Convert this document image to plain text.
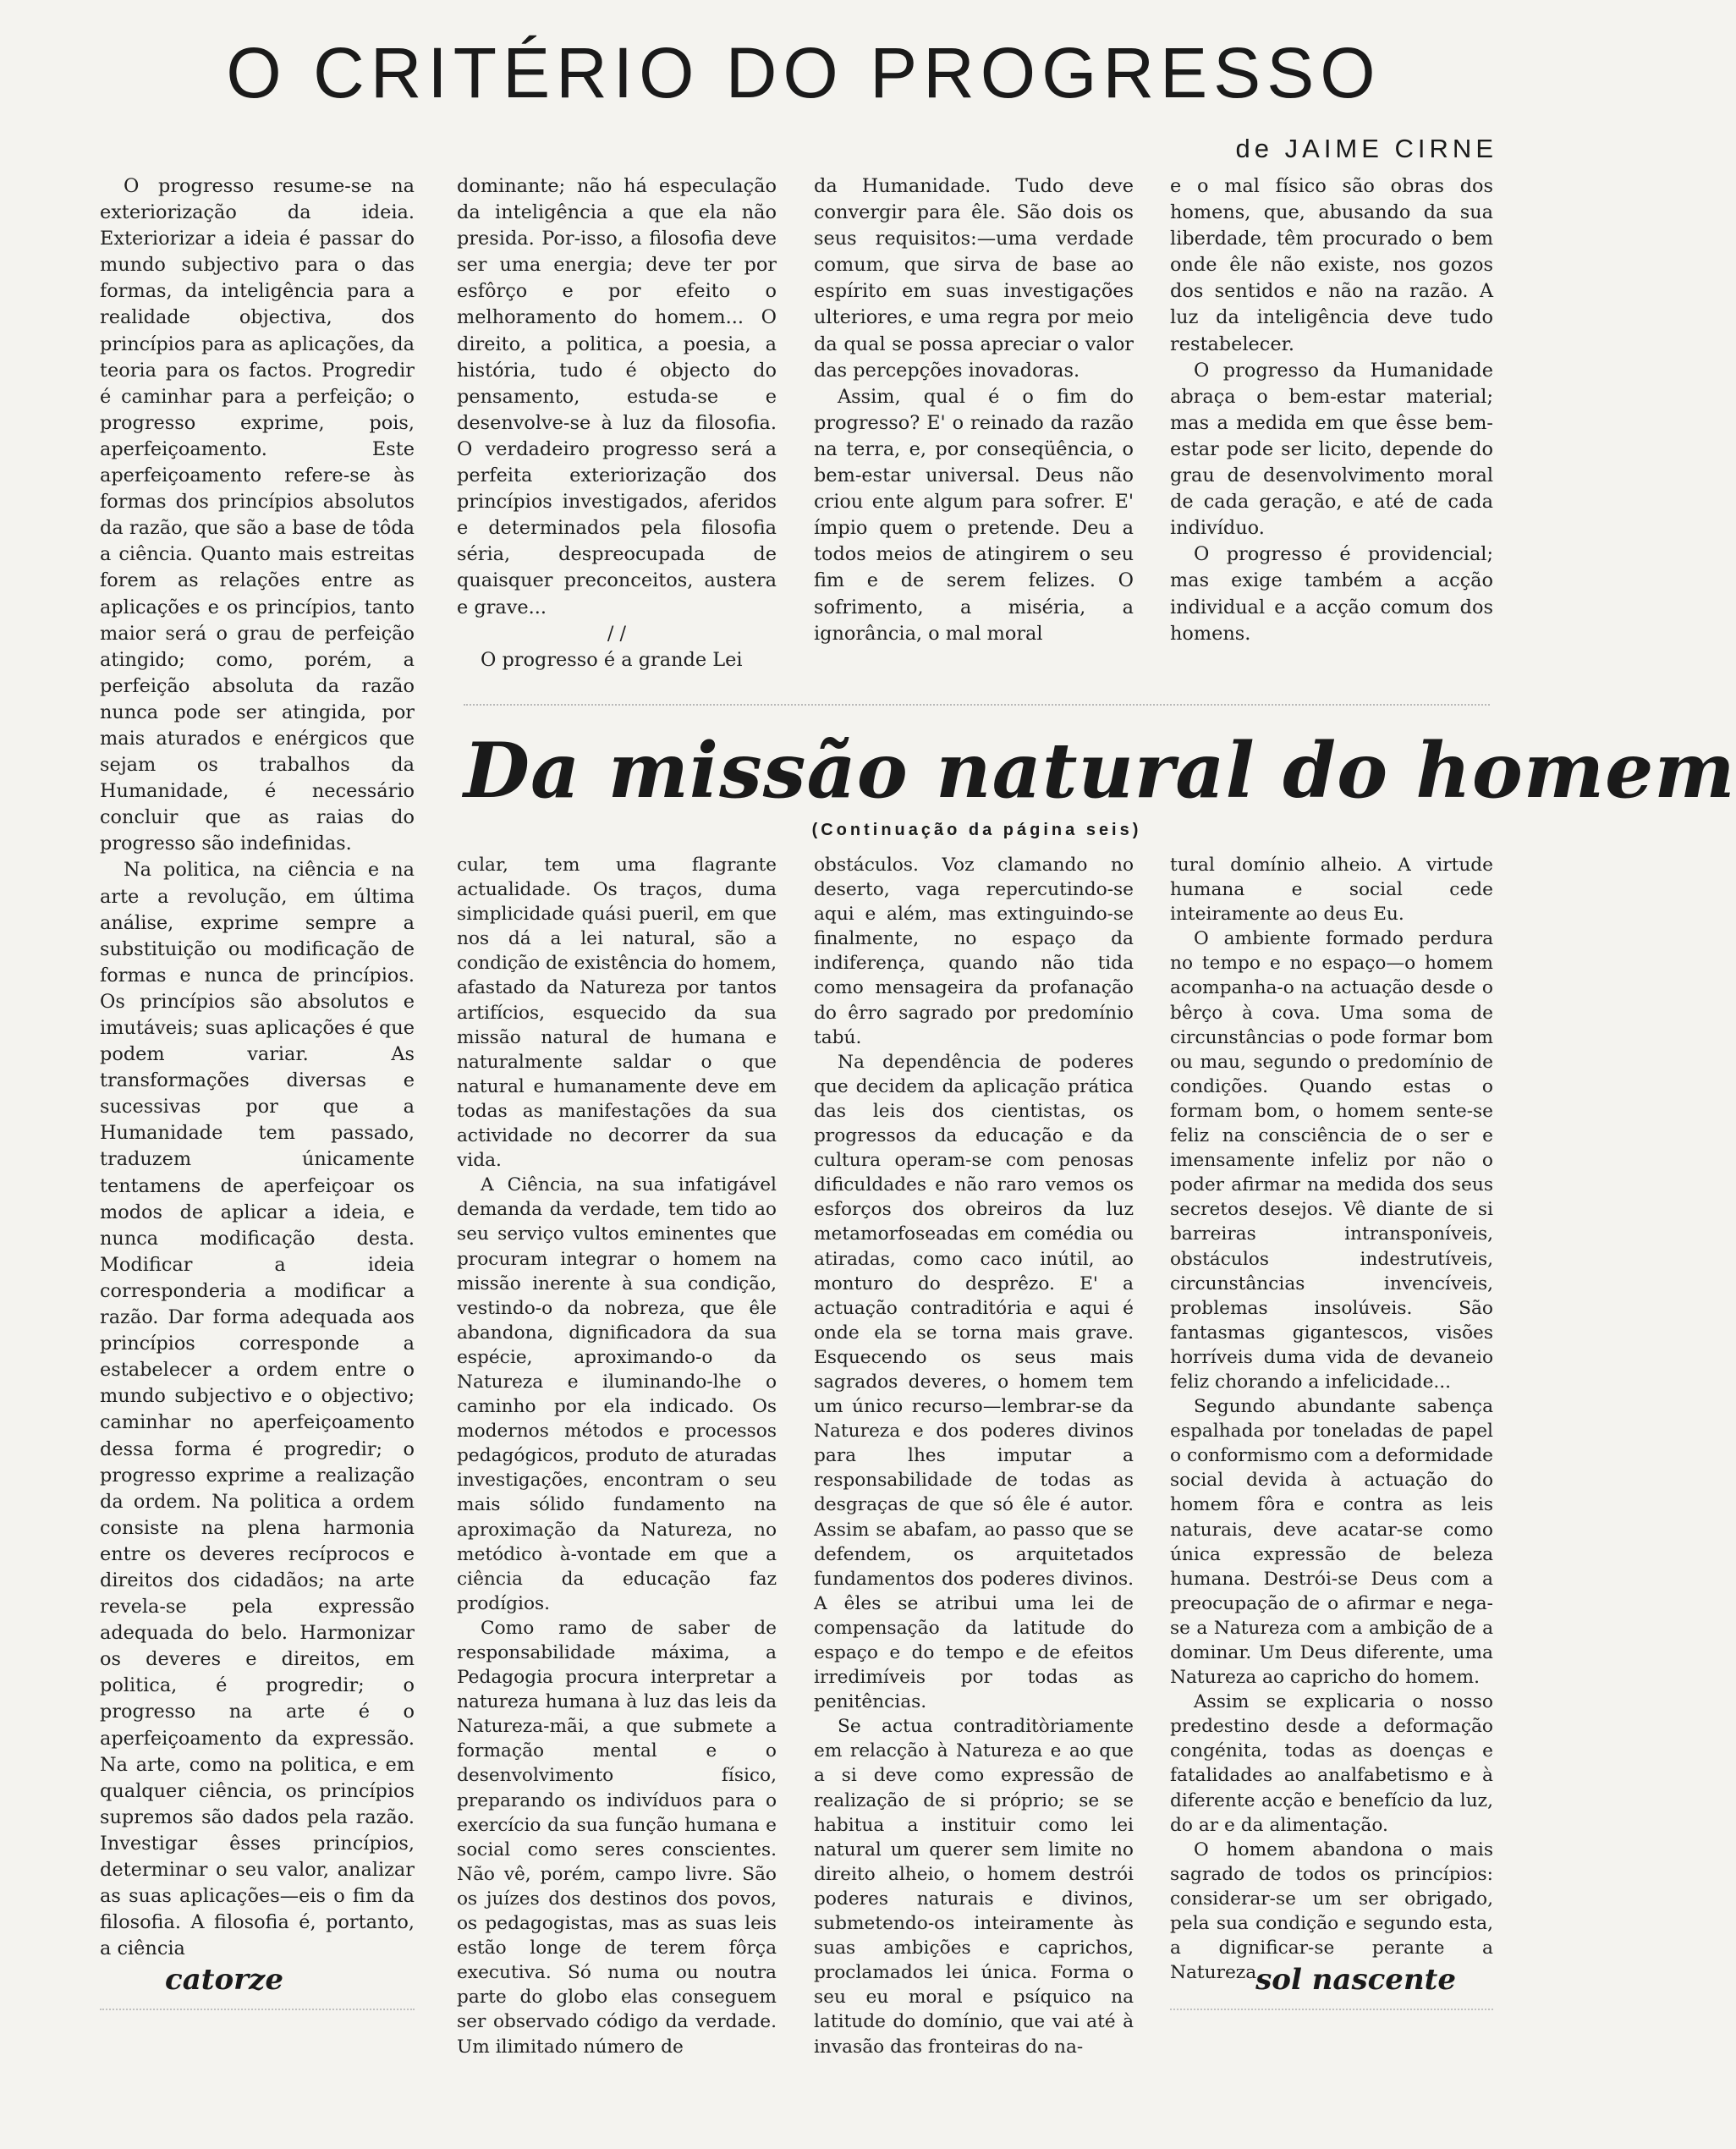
O CRITÉRIO DO PROGRESSO

de JAIME CIRNE

O progresso resume-se na exteriorização da ideia. Exteriorizar a ideia é passar do mundo subjectivo para o das formas, da inteligência para a realidade objectiva, dos princípios para as aplicações, da teoria para os factos. Progredir é caminhar para a perfeição; o progresso exprime, pois, aperfeiçoamento. Este aperfeiçoamento refere-se às formas dos princípios absolutos da razão, que são a base de tôda a ciência. Quanto mais estreitas forem as relações entre as aplicações e os princípios, tanto maior será o grau de perfeição atingido; como, porém, a perfeição absoluta da razão nunca pode ser atingida, por mais aturados e enérgicos que sejam os trabalhos da Humanidade, é necessário concluir que as raias do progresso são indefinidas.

Na politica, na ciência e na arte a revolução, em última análise, exprime sempre a substituição ou modificação de formas e nunca de princípios. Os princípios são absolutos e imutáveis; suas aplicações é que podem variar. As transformações diversas e sucessivas por que a Humanidade tem passado, traduzem únicamente tentamens de aperfeiçoar os modos de aplicar a ideia, e nunca modificação desta. Modificar a ideia corresponderia a modificar a razão. Dar forma adequada aos princípios corresponde a estabelecer a ordem entre o mundo subjectivo e o objectivo; caminhar no aperfeiçoamento dessa forma é progredir; o progresso exprime a realização da ordem. Na politica a ordem consiste na plena harmonia entre os deveres recíprocos e direitos dos cidadãos; na arte revela-se pela expressão adequada do belo. Harmonizar os deveres e direitos, em politica, é progredir; o progresso na arte é o aperfeiçoamento da expressão. Na arte, como na politica, e em qualquer ciência, os princípios supremos são dados pela razão. Investigar êsses princípios, determinar o seu valor, analizar as suas aplicações—eis o fim da filosofia. A filosofia é, portanto, a ciência

dominante; não há especulação da inteligência a que ela não presida. Por-isso, a filosofia deve ser uma energia; deve ter por esfôrço e por efeito o melhoramento do homem... O direito, a politica, a poesia, a história, tudo é objecto do pensamento, estuda-se e desenvolve-se à luz da filosofia. O verdadeiro progresso será a perfeita exteriorização dos princípios investigados, aferidos e determinados pela filosofia séria, despreocupada de quaisquer preconceitos, austera e grave...

/ /

O progresso é a grande Lei

da Humanidade. Tudo deve convergir para êle. São dois os seus requisitos:—uma verdade comum, que sirva de base ao espírito em suas investigações ulteriores, e uma regra por meio da qual se possa apreciar o valor das percepções inovadoras.

Assim, qual é o fim do progresso? E' o reinado da razão na terra, e, por conseqüência, o bem-estar universal. Deus não criou ente algum para sofrer. E' ímpio quem o pretende. Deu a todos meios de atingirem o seu fim e de serem felizes. O sofrimento, a miséria, a ignorância, o mal moral

e o mal físico são obras dos homens, que, abusando da sua liberdade, têm procurado o bem onde êle não existe, nos gozos dos sentidos e não na razão. A luz da inteligência deve tudo restabelecer.

O progresso da Humanidade abraça o bem-estar material; mas a medida em que êsse bem-estar pode ser licito, depende do grau de desenvolvimento moral de cada geração, e até de cada indivíduo.

O progresso é providencial; mas exige também a acção individual e a acção comum dos homens.

Da missão natural do homem

(Continuação da página seis)

cular, tem uma flagrante actualidade. Os traços, duma simplicidade quási pueril, em que nos dá a lei natural, são a condição de existência do homem, afastado da Natureza por tantos artifícios, esquecido da sua missão natural de humana e naturalmente saldar o que natural e humanamente deve em todas as manifestações da sua actividade no decorrer da sua vida.

A Ciência, na sua infatigável demanda da verdade, tem tido ao seu serviço vultos eminentes que procuram integrar o homem na missão inerente à sua condição, vestindo-o da nobreza, que êle abandona, dignificadora da sua espécie, aproximando-o da Natureza e iluminando-lhe o caminho por ela indicado. Os modernos métodos e processos pedagógicos, produto de aturadas investigações, encontram o seu mais sólido fundamento na aproximação da Natureza, no metódico à-vontade em que a ciência da educação faz prodígios.

Como ramo de saber de responsabilidade máxima, a Pedagogia procura interpretar a natureza humana à luz das leis da Natureza-mãi, a que submete a formação mental e o desenvolvimento físico, preparando os indivíduos para o exercício da sua função humana e social como seres conscientes. Não vê, porém, campo livre. São os juízes dos destinos dos povos, os pedagogistas, mas as suas leis estão longe de terem fôrça executiva. Só numa ou noutra parte do globo elas conseguem ser observado código da verdade. Um ilimitado número de

obstáculos. Voz clamando no deserto, vaga repercutindo-se aqui e além, mas extinguindo-se finalmente, no espaço da indiferença, quando não tida como mensageira da profanação do êrro sagrado por predomínio tabú.

Na dependência de poderes que decidem da aplicação prática das leis dos cientistas, os progressos da educação e da cultura operam-se com penosas dificuldades e não raro vemos os esforços dos obreiros da luz metamorfoseadas em comédia ou atiradas, como caco inútil, ao monturo do desprêzo. E' a actuação contraditória e aqui é onde ela se torna mais grave. Esquecendo os seus mais sagrados deveres, o homem tem um único recurso—lembrar-se da Natureza e dos poderes divinos para lhes imputar a responsabilidade de todas as desgraças de que só êle é autor. Assim se abafam, ao passo que se defendem, os arquitetados fundamentos dos poderes divinos. A êles se atribui uma lei de compensação da latitude do espaço e do tempo e de efeitos irredimíveis por todas as penitências.

Se actua contraditòriamente em relacção à Natureza e ao que a si deve como expressão de realização de si próprio; se se habitua a instituir como lei natural um querer sem limite no direito alheio, o homem destrói poderes naturais e divinos, submetendo-os inteiramente às suas ambições e caprichos, proclamados lei única. Forma o seu eu moral e psíquico na latitude do domínio, que vai até à invasão das fronteiras do na-

tural domínio alheio. A virtude humana e social cede inteiramente ao deus Eu.

O ambiente formado perdura no tempo e no espaço—o homem acompanha-o na actuação desde o bêrço à cova. Uma soma de circunstâncias o pode formar bom ou mau, segundo o predomínio de condições. Quando estas o formam bom, o homem sente-se feliz na consciência de o ser e imensamente infeliz por não o poder afirmar na medida dos seus secretos desejos. Vê diante de si barreiras intransponíveis, obstáculos indestrutíveis, circunstâncias invencíveis, problemas insolúveis. São fantasmas gigantescos, visões horríveis duma vida de devaneio feliz chorando a infelicidade...

Segundo abundante sabença espalhada por toneladas de papel o conformismo com a deformidade social devida à actuação do homem fôra e contra as leis naturais, deve acatar-se como única expressão de beleza humana. Destrói-se Deus com a preocupação de o afirmar e nega-se a Natureza com a ambição de a dominar. Um Deus diferente, uma Natureza ao capricho do homem.

Assim se explicaria o nosso predestino desde a deformação congénita, todas as doenças e fatalidades ao analfabetismo e à diferente acção e benefício da luz, do ar e da alimentação.

O homem abandona o mais sagrado de todos os princípios: considerar-se um ser obrigado, pela sua condição e segundo esta, a dignificar-se perante a Natureza.

catorze	sol nascente
